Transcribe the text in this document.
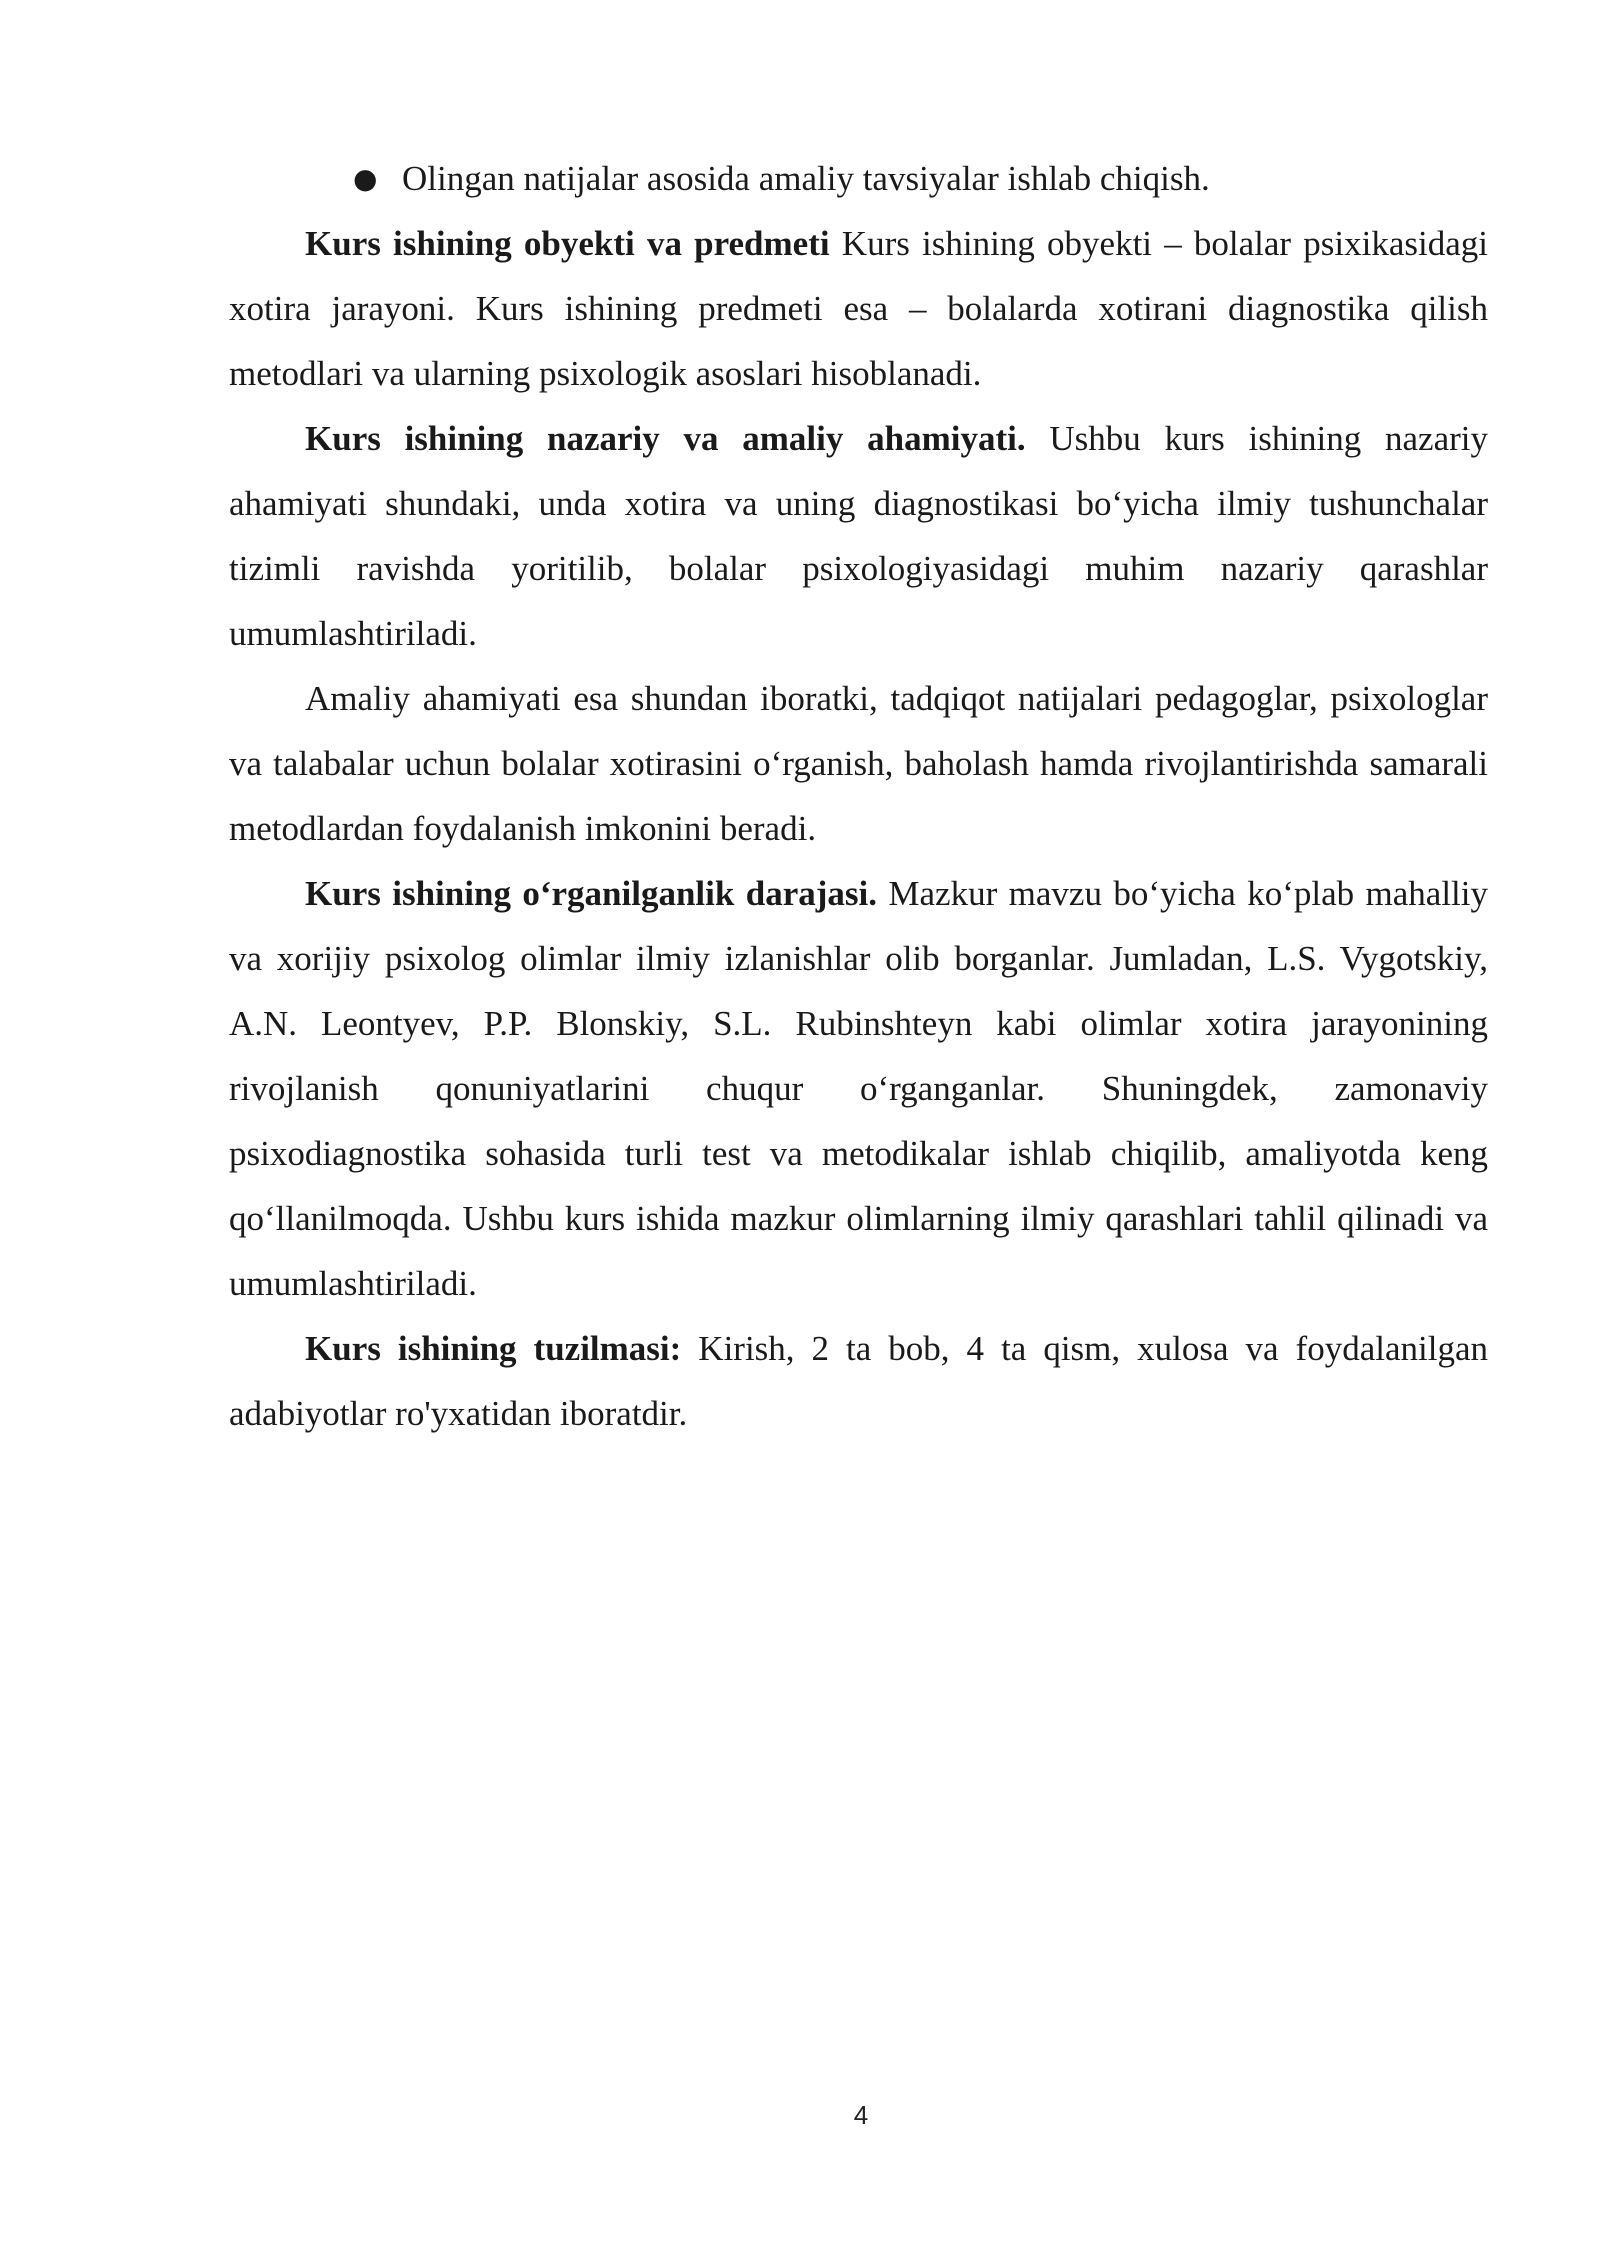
● Olingan natijalar asosida amaliy tavsiyalar ishlab chiqish.

Kurs ishining obyekti va predmeti Kurs ishining obyekti – bolalar psixikasidagi xotira jarayoni. Kurs ishining predmeti esa – bolalarda xotirani diagnostika qilish metodlari va ularning psixologik asoslari hisoblanadi.

Kurs ishining nazariy va amaliy ahamiyati. Ushbu kurs ishining nazariy ahamiyati shundaki, unda xotira va uning diagnostikasi bo‘yicha ilmiy tushunchalar tizimli ravishda yoritilib, bolalar psixologiyasidagi muhim nazariy qarashlar umumlashtiriladi.

Amaliy ahamiyati esa shundan iboratki, tadqiqot natijalari pedagoglar, psixologlar va talabalar uchun bolalar xotirasini o‘rganish, baholash hamda rivojlantirishda samarali metodlardan foydalanish imkonini beradi.

Kurs ishining o‘rganilganlik darajasi. Mazkur mavzu bo‘yicha ko‘plab mahalliy va xorijiy psixolog olimlar ilmiy izlanishlar olib borganlar. Jumladan, L.S. Vygotskiy, A.N. Leontyev, P.P. Blonskiy, S.L. Rubinshteyn kabi olimlar xotira jarayonining rivojlanish qonuniyatlarini chuqur o‘rganganlar. Shuningdek, zamonaviy psixodiagnostika sohasida turli test va metodikalar ishlab chiqilib, amaliyotda keng qo‘llanilmoqda. Ushbu kurs ishida mazkur olimlarning ilmiy qarashlari tahlil qilinadi va umumlashtiriladi.

Kurs ishining tuzilmasi: Kirish, 2 ta bob, 4 ta qism, xulosa va foydalanilgan adabiyotlar ro'yxatidan iboratdir.

4
